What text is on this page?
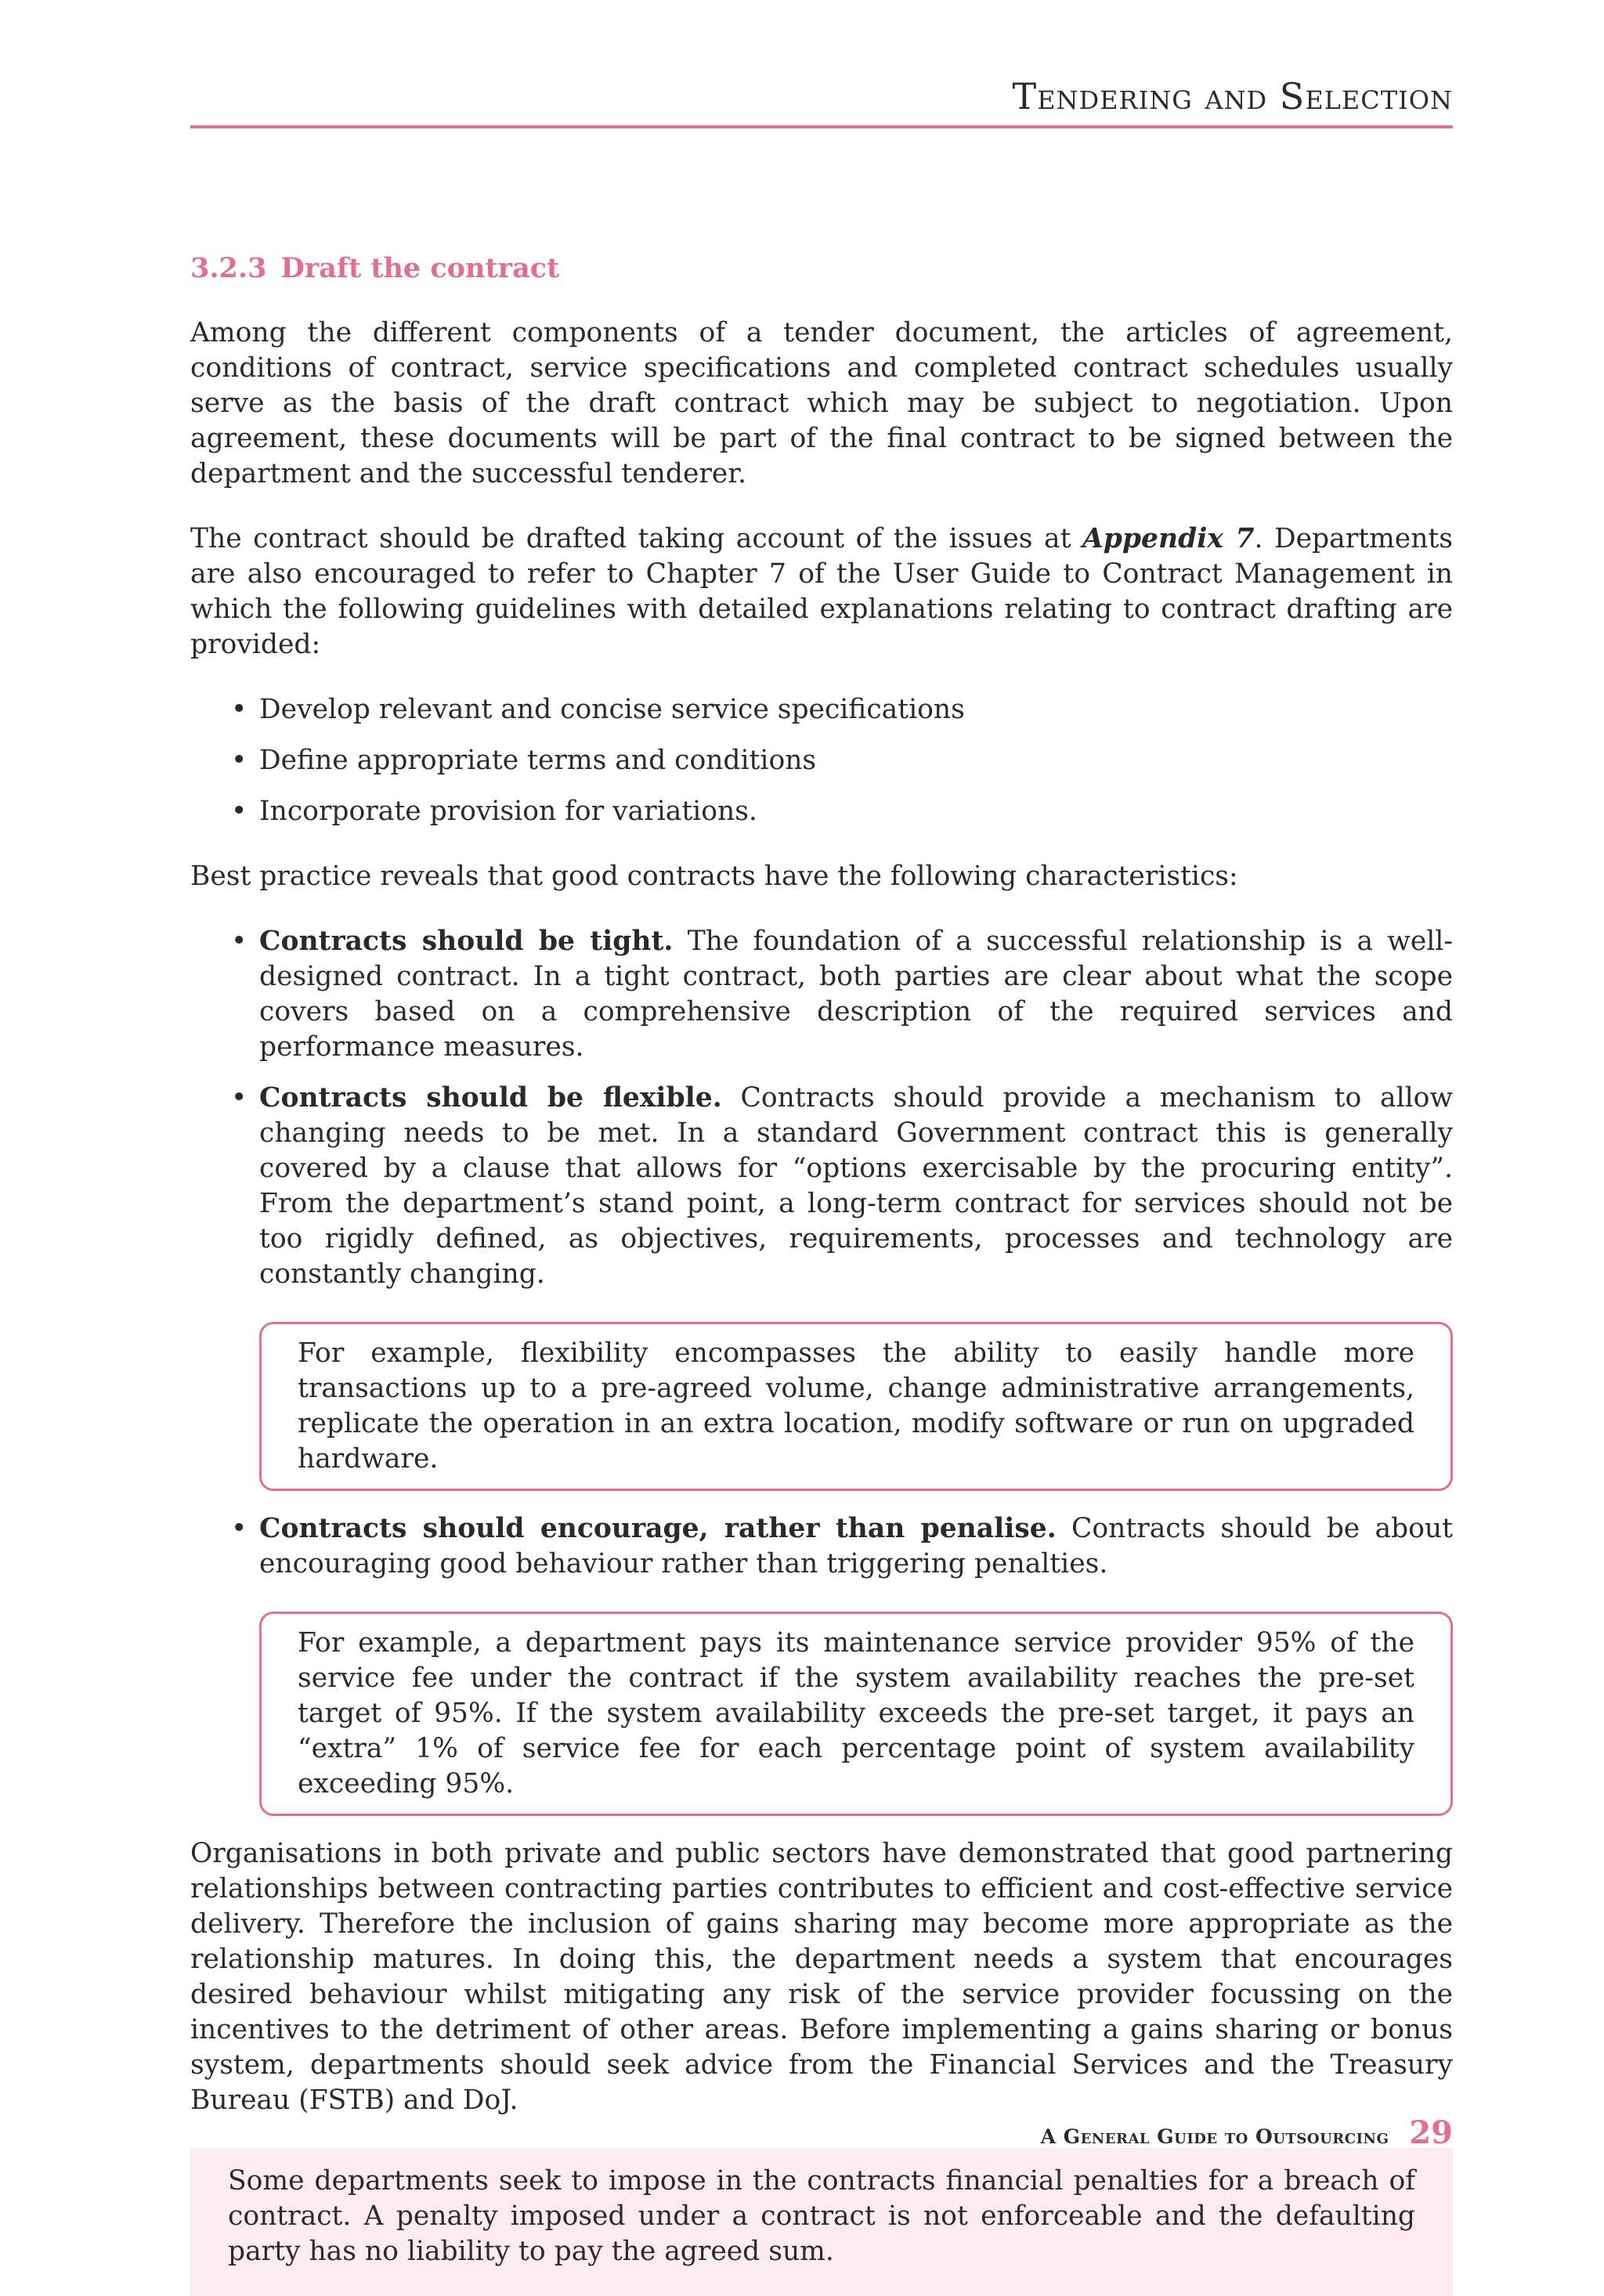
Tendering and Selection
3.2.3 Draft the contract

Among the different components of a tender document, the articles of agreement, conditions of contract, service specifications and completed contract schedules usually serve as the basis of the draft contract which may be subject to negotiation. Upon agreement, these documents will be part of the final contract to be signed between the department and the successful tenderer.

The contract should be drafted taking account of the issues at Appendix 7. Departments are also encouraged to refer to Chapter 7 of the User Guide to Contract Management in which the following guidelines with detailed explanations relating to contract drafting are provided:

• Develop relevant and concise service specifications
• Define appropriate terms and conditions
• Incorporate provision for variations.

Best practice reveals that good contracts have the following characteristics:

• Contracts should be tight. The foundation of a successful relationship is a well-designed contract. In a tight contract, both parties are clear about what the scope covers based on a comprehensive description of the required services and performance measures.
• Contracts should be flexible. Contracts should provide a mechanism to allow changing needs to be met. In a standard Government contract this is generally covered by a clause that allows for “options exercisable by the procuring entity”. From the department’s stand point, a long-term contract for services should not be too rigidly defined, as objectives, requirements, processes and technology are constantly changing.
For example, flexibility encompasses the ability to easily handle more transactions up to a pre-agreed volume, change administrative arrangements, replicate the operation in an extra location, modify software or run on upgraded hardware.
• Contracts should encourage, rather than penalise. Contracts should be about encouraging good behaviour rather than triggering penalties.
For example, a department pays its maintenance service provider 95% of the service fee under the contract if the system availability reaches the pre-set target of 95%. If the system availability exceeds the pre-set target, it pays an “extra” 1% of service fee for each percentage point of system availability exceeding 95%.

Organisations in both private and public sectors have demonstrated that good partnering relationships between contracting parties contributes to efficient and cost-effective service delivery. Therefore the inclusion of gains sharing may become more appropriate as the relationship matures. In doing this, the department needs a system that encourages desired behaviour whilst mitigating any risk of the service provider focussing on the incentives to the detriment of other areas. Before implementing a gains sharing or bonus system, departments should seek advice from the Financial Services and the Treasury Bureau (FSTB) and DoJ.

Some departments seek to impose in the contracts financial penalties for a breach of contract. A penalty imposed under a contract is not enforceable and the defaulting party has no liability to pay the agreed sum.
A General Guide to Outsourcing 29
